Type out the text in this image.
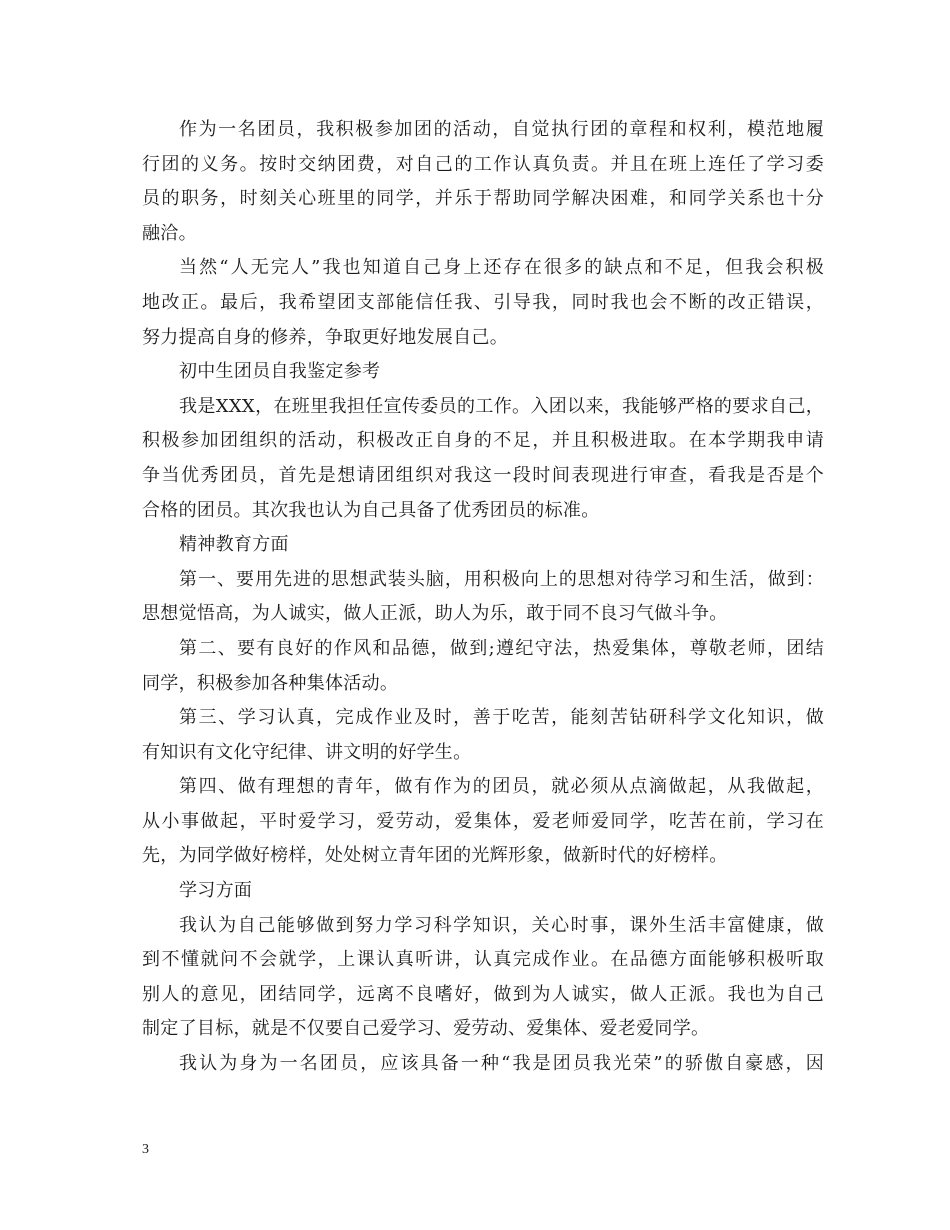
作为一名团员，我积极参加团的活动，自觉执行团的章程和权利，模范地履
行团的义务。按时交纳团费，对自己的工作认真负责。并且在班上连任了学习委
员的职务，时刻关心班里的同学，并乐于帮助同学解决困难，和同学关系也十分
融洽。
当然“人无完人”我也知道自己身上还存在很多的缺点和不足，但我会积极
地改正。最后，我希望团支部能信任我、引导我，同时我也会不断的改正错误，
努力提高自身的修养，争取更好地发展自己。
初中生团员自我鉴定参考
我是XXX，在班里我担任宣传委员的工作。入团以来，我能够严格的要求自己，
积极参加团组织的活动，积极改正自身的不足，并且积极进取。在本学期我申请
争当优秀团员，首先是想请团组织对我这一段时间表现进行审查，看我是否是个
合格的团员。其次我也认为自己具备了优秀团员的标准。
精神教育方面
第一、要用先进的思想武装头脑，用积极向上的思想对待学习和生活，做到：
思想觉悟高，为人诚实，做人正派，助人为乐，敢于同不良习气做斗争。
第二、要有良好的作风和品德，做到;遵纪守法，热爱集体，尊敬老师，团结
同学，积极参加各种集体活动。
第三、学习认真，完成作业及时，善于吃苦，能刻苦钻研科学文化知识，做
有知识有文化守纪律、讲文明的好学生。
第四、做有理想的青年，做有作为的团员，就必须从点滴做起，从我做起，
从小事做起，平时爱学习，爱劳动，爱集体，爱老师爱同学，吃苦在前，学习在
先，为同学做好榜样，处处树立青年团的光辉形象，做新时代的好榜样。
学习方面
我认为自己能够做到努力学习科学知识，关心时事，课外生活丰富健康，做
到不懂就问不会就学，上课认真听讲，认真完成作业。在品德方面能够积极听取
别人的意见，团结同学，远离不良嗜好，做到为人诚实，做人正派。我也为自己
制定了目标，就是不仅要自己爱学习、爱劳动、爱集体、爱老爱同学。
我认为身为一名团员，应该具备一种“我是团员我光荣”的骄傲自豪感，因
3
